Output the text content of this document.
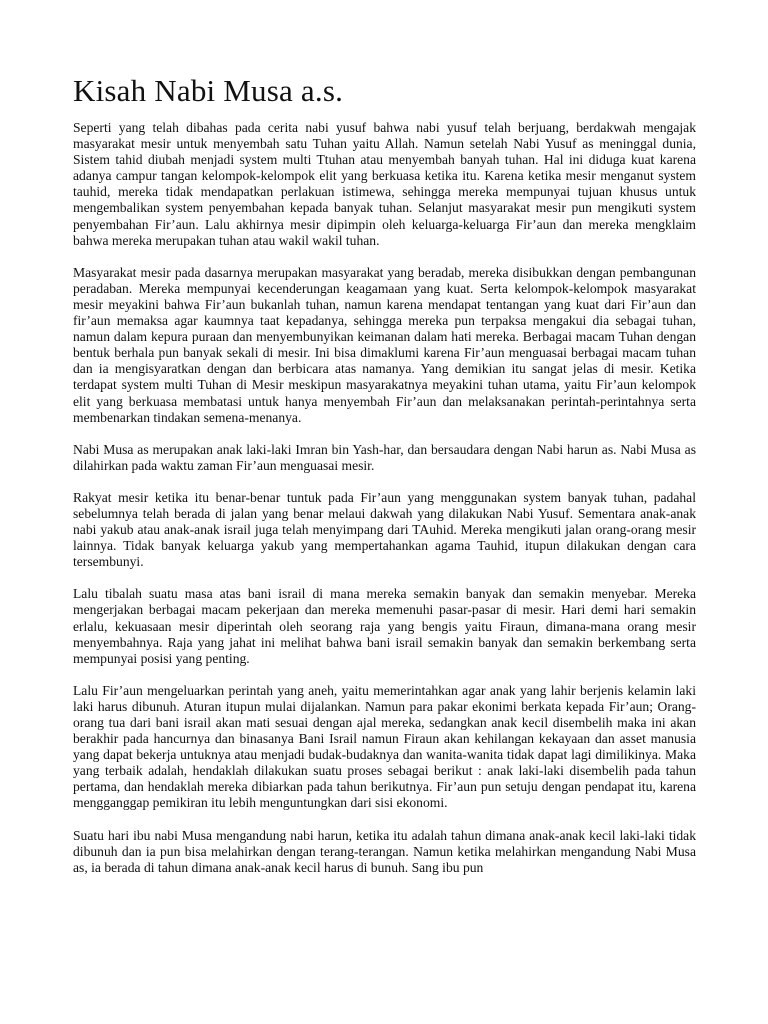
Kisah Nabi Musa a.s.

Seperti yang telah dibahas pada cerita nabi yusuf bahwa nabi yusuf telah berjuang, berdakwah mengajak masyarakat mesir untuk menyembah satu Tuhan yaitu Allah. Namun setelah Nabi Yusuf as meninggal dunia, Sistem tahid diubah menjadi system multi Ttuhan atau menyembah banyah tuhan. Hal ini diduga kuat karena adanya campur tangan kelompok-kelompok elit yang berkuasa ketika itu. Karena ketika mesir menganut system tauhid, mereka tidak mendapatkan perlakuan istimewa, sehingga mereka mempunyai tujuan khusus untuk mengembalikan system penyembahan kepada banyak tuhan. Selanjut masyarakat mesir pun mengikuti system penyembahan Fir’aun. Lalu akhirnya mesir dipimpin oleh keluarga-keluarga Fir’aun dan mereka mengklaim bahwa mereka merupakan tuhan atau wakil wakil tuhan.

Masyarakat mesir pada dasarnya merupakan masyarakat yang beradab, mereka disibukkan dengan pembangunan peradaban. Mereka mempunyai kecenderungan keagamaan yang kuat. Serta kelompok-kelompok masyarakat mesir meyakini bahwa Fir’aun bukanlah tuhan, namun karena mendapat tentangan yang kuat dari Fir’aun dan fir’aun memaksa agar kaumnya taat kepadanya, sehingga mereka pun terpaksa mengakui dia sebagai tuhan, namun dalam kepura puraan dan menyembunyikan keimanan dalam hati mereka. Berbagai macam Tuhan dengan bentuk berhala pun banyak sekali di mesir. Ini bisa dimaklumi karena Fir’aun menguasai berbagai macam tuhan dan ia mengisyaratkan dengan dan berbicara atas namanya. Yang demikian itu sangat jelas di mesir. Ketika terdapat system multi Tuhan di Mesir meskipun masyarakatnya meyakini tuhan utama, yaitu Fir’aun kelompok elit yang berkuasa membatasi untuk hanya menyembah Fir’aun dan melaksanakan perintah-perintahnya serta membenarkan tindakan semena-menanya.

Nabi Musa as merupakan anak laki-laki Imran bin Yash-har, dan bersaudara dengan Nabi harun as. Nabi Musa as dilahirkan pada waktu zaman Fir’aun menguasai mesir.

Rakyat mesir ketika itu benar-benar tuntuk pada Fir’aun yang menggunakan system banyak tuhan, padahal sebelumnya telah berada di jalan yang benar melaui dakwah yang dilakukan Nabi Yusuf. Sementara anak-anak nabi yakub atau anak-anak israil juga telah menyimpang dari TAuhid. Mereka mengikuti jalan orang-orang mesir lainnya. Tidak banyak keluarga yakub yang mempertahankan agama Tauhid, itupun dilakukan dengan cara tersembunyi.

Lalu tibalah suatu masa atas bani israil di mana mereka semakin banyak dan semakin menyebar. Mereka mengerjakan berbagai macam pekerjaan dan mereka memenuhi pasar-pasar di mesir. Hari demi hari semakin erlalu, kekuasaan mesir diperintah oleh seorang raja yang bengis yaitu Firaun, dimana-mana orang mesir menyembahnya. Raja yang jahat ini melihat bahwa bani israil semakin banyak dan semakin berkembang serta mempunyai posisi yang penting.

Lalu Fir’aun mengeluarkan perintah yang aneh, yaitu memerintahkan agar anak yang lahir berjenis kelamin laki laki harus dibunuh. Aturan itupun mulai dijalankan. Namun para pakar ekonimi berkata kepada Fir’aun; Orang-orang tua dari bani israil akan mati sesuai dengan ajal mereka, sedangkan anak kecil disembelih maka ini akan berakhir pada hancurnya dan binasanya Bani Israil namun Firaun akan kehilangan kekayaan dan asset manusia yang dapat bekerja untuknya atau menjadi budak-budaknya dan wanita-wanita tidak dapat lagi dimilikinya. Maka yang terbaik adalah, hendaklah dilakukan suatu proses sebagai berikut : anak laki-laki disembelih pada tahun pertama, dan hendaklah mereka dibiarkan pada tahun berikutnya. Fir’aun pun setuju dengan pendapat itu, karena mengganggap pemikiran itu lebih menguntungkan dari sisi ekonomi.

Suatu hari ibu nabi Musa mengandung nabi harun, ketika itu adalah tahun dimana anak-anak kecil laki-laki tidak dibunuh dan ia pun bisa melahirkan dengan terang-terangan. Namun ketika melahirkan mengandung Nabi Musa as, ia berada di tahun dimana anak-anak kecil harus di bunuh. Sang ibu pun
